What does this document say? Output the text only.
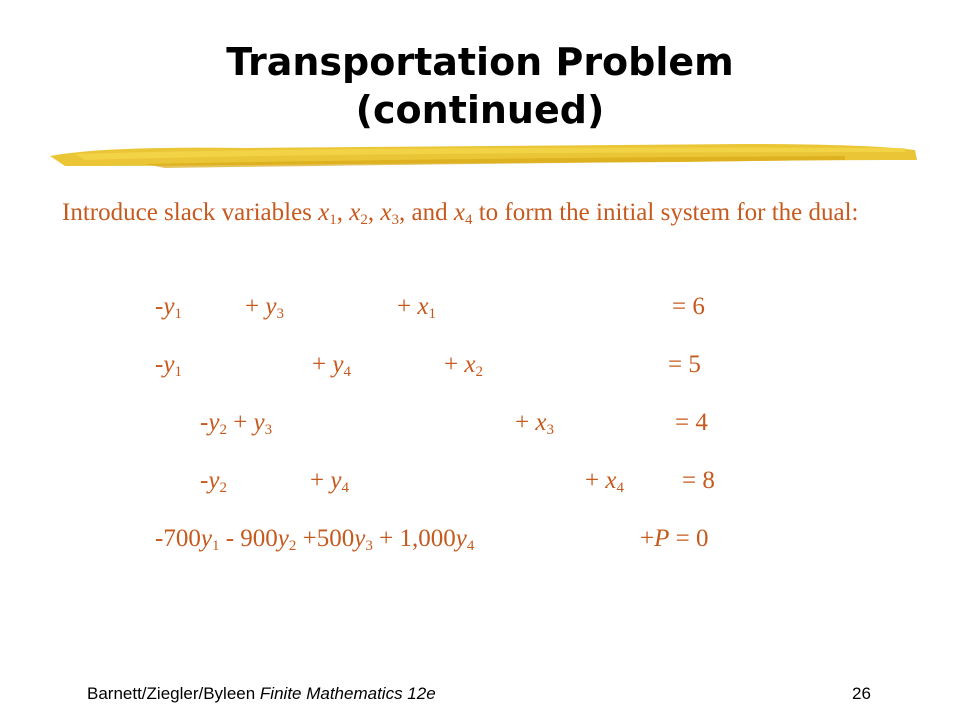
Transportation Problem
(continued)
Introduce slack variables $x_1$, $x_2$, $x_3$, and $x_4$ to form the initial system for the dual:
$-y_1$	+ $y_3$	+ $x_1$	= 6
$-y_1$	+ $y_4$	+ $x_2$	= 5
$-y_2 + y_3$	+ $x_3$	= 4
$-y_2$	+ $y_4$	+ $x_4 = 8$
$-700y_1 - 900y_2 +500y_3 + 1,000y_4$	+P = 0
Barnett/Ziegler/Byleen Finite Mathematics 12e	26
